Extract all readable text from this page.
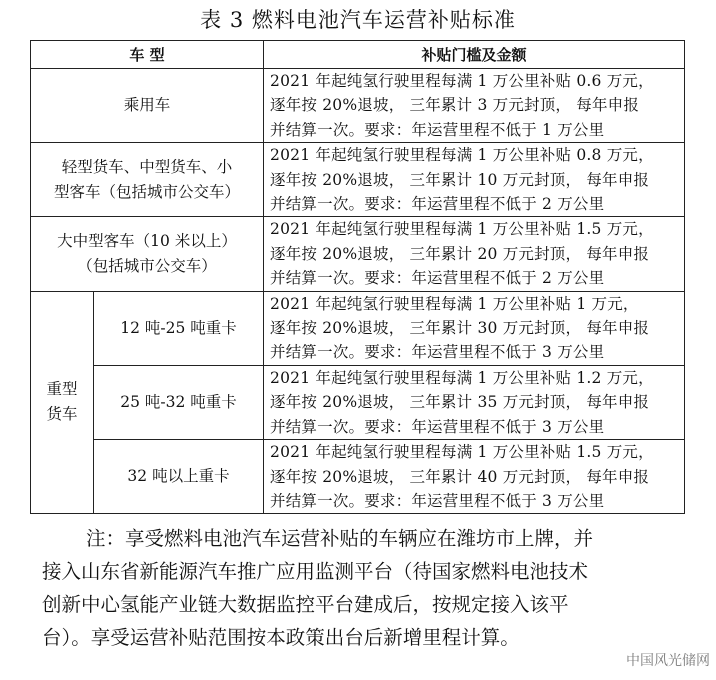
表 3 燃料电池汽车运营补贴标准
车 型		补贴门槛及金额
乘用车		2021 年起纯氢行驶里程每满 1 万公里补贴 0.6 万元，
逐年按 20%退坡， 三年累计 3 万元封顶， 每年申报
并结算一次。要求：年运营里程不低于 1 万公里

轻型货车、中型货车、小
型客车（包括城市公交车）		2021 年起纯氢行驶里程每满 1 万公里补贴 0.8 万元，
逐年按 20%退坡， 三年累计 10 万元封顶， 每年申报
并结算一次。要求：年运营里程不低于 2 万公里

大中型客车（10 米以上）
（包括城市公交车）		2021 年起纯氢行驶里程每满 1 万公里补贴 1.5 万元，
逐年按 20%退坡， 三年累计 20 万元封顶， 每年申报
并结算一次。要求：年运营里程不低于 2 万公里

重型
货车	12 吨-25 吨重卡	2021 年起纯氢行驶里程每满 1 万公里补贴 1 万元，
逐年按 20%退坡， 三年累计 30 万元封顶， 每年申报
并结算一次。要求：年运营里程不低于 3 万公里

	25 吨-32 吨重卡	2021 年起纯氢行驶里程每满 1 万公里补贴 1.2 万元，
逐年按 20%退坡， 三年累计 35 万元封顶， 每年申报
并结算一次。要求：年运营里程不低于 3 万公里

	32 吨以上重卡	2021 年起纯氢行驶里程每满 1 万公里补贴 1.5 万元，
逐年按 20%退坡， 三年累计 40 万元封顶， 每年申报
并结算一次。要求：年运营里程不低于 3 万公里
注：享受燃料电池汽车运营补贴的车辆应在潍坊市上牌，并
接入山东省新能源汽车推广应用监测平台（待国家燃料电池技术
创新中心氢能产业链大数据监控平台建成后，按规定接入该平
台）。享受运营补贴范围按本政策出台后新增里程计算。
中国风光储网
